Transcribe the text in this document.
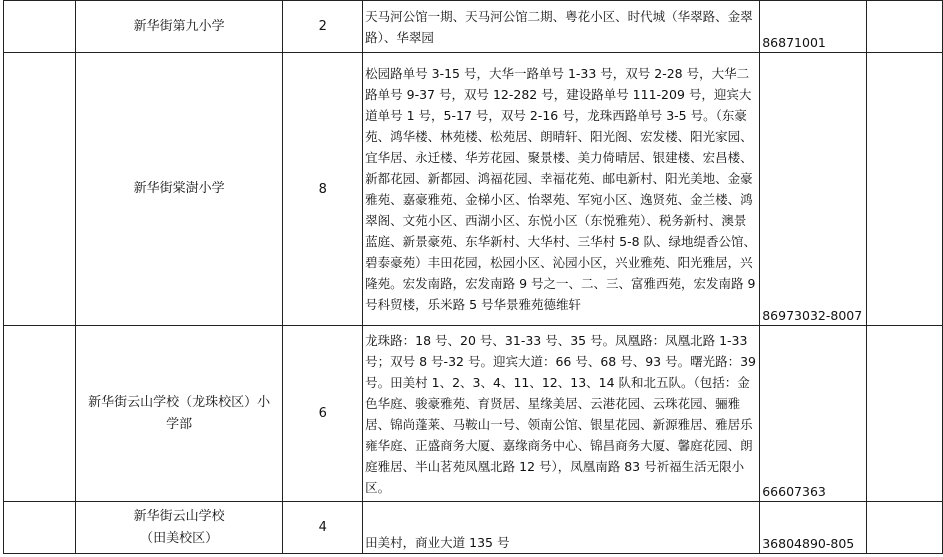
	新华街第九小学	2	天马河公馆一期、天马河公馆二期、粤花小区、时代城（华翠路、金翠路）、华翠园	86871001	

	新华街棠澍小学	8	松园路单号 3-15 号，大华一路单号 1-33 号，双号 2-28 号，大华二路单号 9-37 号，双号 12-282 号，建设路单号 111-209 号，迎宾大道单号 1 号，5-17 号，双号 2-16 号，龙珠西路单号 3-5 号。（东豪苑、鸿华楼、林苑楼、松苑居、朗晴轩、阳光阁、宏发楼、阳光家园、宜华居、永迁楼、华芳花园、聚景楼、美力倚晴居、银建楼、宏昌楼、新都花园、新都园、鸿福花园、幸福花苑、邮电新村、阳光美地、金豪雅苑、嘉豪雅苑、金梯小区、怡翠苑、军宛小区、逸贤苑、金兰楼、鸿翠阁、文苑小区、西湖小区、东悦小区（东悦雅苑）、税务新村、澳景蓝庭、新景豪苑、东华新村、大华村、三华村 5-8 队、绿地缇香公馆、碧泰豪苑）丰田花园，松园小区、沁园小区，兴业雅苑、阳光雅居，兴隆苑。宏发南路，宏发南路 9 号之一、二、三、富雅西苑，宏发南路 9 号科贸楼，乐米路 5 号华景雅苑德维轩	86973032-8007	

	新华街云山学校（龙珠校区）小
学部	6	龙珠路：18 号、20 号、31-33 号、35 号。凤凰路：凤凰北路 1-33 号；双号 8 号-32 号。迎宾大道：66 号、68 号、93 号。曙光路：39 号。田美村 1、2、3、4、11、12、13、14 队和北五队。（包括：金色华庭、骏豪雅苑、育贤居、星缘美居、云港花园、云珠花园、骊雅居、锦尚蓬莱、马鞍山一号、领南公馆、银星花园、新源雅居、雅居乐雍华庭、正盛商务大厦、嘉缘商务中心、锦昌商务大厦、馨庭花园、朗庭雅居、半山茗苑凤凰北路 12 号），凤凰南路 83 号祈福生活无限小区。	66607363	

	新华街云山学校
（田美校区）	4	田美村，商业大道 135 号	36804890-805	
